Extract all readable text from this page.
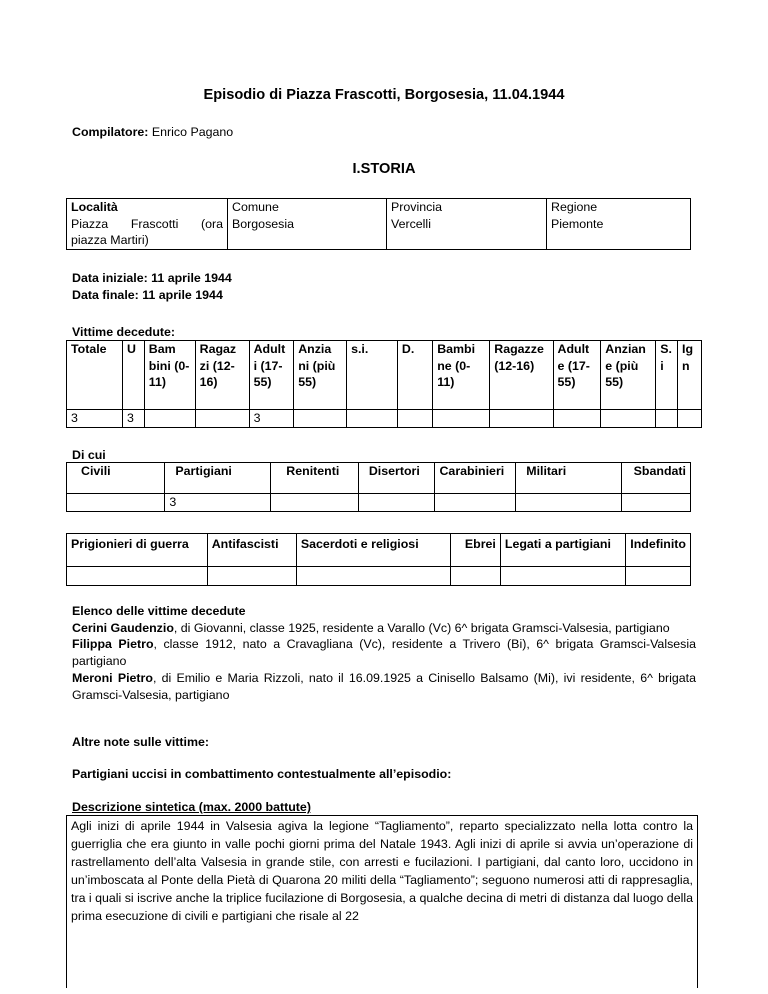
Episodio di Piazza Frascotti, Borgosesia, 11.04.1944
Compilatore: Enrico Pagano
I.STORIA
Località	Comune	Provincia	Regione
Piazza Frascotti (ora piazza Martiri)	Borgosesia	Vercelli	Piemonte
Data iniziale: 11 aprile 1944
Data finale: 11 aprile 1944
Vittime decedute:
Totale	U	Bam bini (0-11)	Ragaz zi (12-16)	Adult i (17-55)	Anzia ni (più 55)	s.i.	D.	Bambi ne (0-11)	Ragazze (12-16)	Adult e (17-55)	Anzian e (più 55)	S. i	Ig n
3	3			3									
Di cui
Civili	Partigiani	Renitenti	Disertori	Carabinieri	Militari	Sbandati
	3					
Prigionieri di guerra	Antifascisti	Sacerdoti e religiosi	Ebrei	Legati a partigiani	Indefinito

Elenco delle vittime decedute

Cerini Gaudenzio, di Giovanni, classe 1925, residente a Varallo (Vc) 6^ brigata Gramsci-Valsesia, partigiano

Filippa Pietro, classe 1912, nato a Cravagliana (Vc), residente a Trivero (Bi), 6^ brigata Gramsci-Valsesia partigiano

Meroni Pietro, di Emilio e Maria Rizzoli, nato il 16.09.1925 a Cinisello Balsamo (Mi), ivi residente, 6^ brigata Gramsci-Valsesia, partigiano

Altre note sulle vittime:
Partigiani uccisi in combattimento contestualmente all’episodio:
Descrizione sintetica (max. 2000 battute)
Agli inizi di aprile 1944 in Valsesia agiva la legione “Tagliamento”, reparto specializzato nella lotta contro la guerriglia che era giunto in valle pochi giorni prima del Natale 1943. Agli inizi di aprile si avvia un’operazione di rastrellamento dell’alta Valsesia in grande stile, con arresti e fucilazioni. I partigiani, dal canto loro, uccidono in un’imboscata al Ponte della Pietà di Quarona 20 militi della “Tagliamento”; seguono numerosi atti di rappresaglia, tra i quali si iscrive anche la triplice fucilazione di Borgosesia, a qualche decina di metri di distanza dal luogo della prima esecuzione di civili e partigiani che risale al 22
